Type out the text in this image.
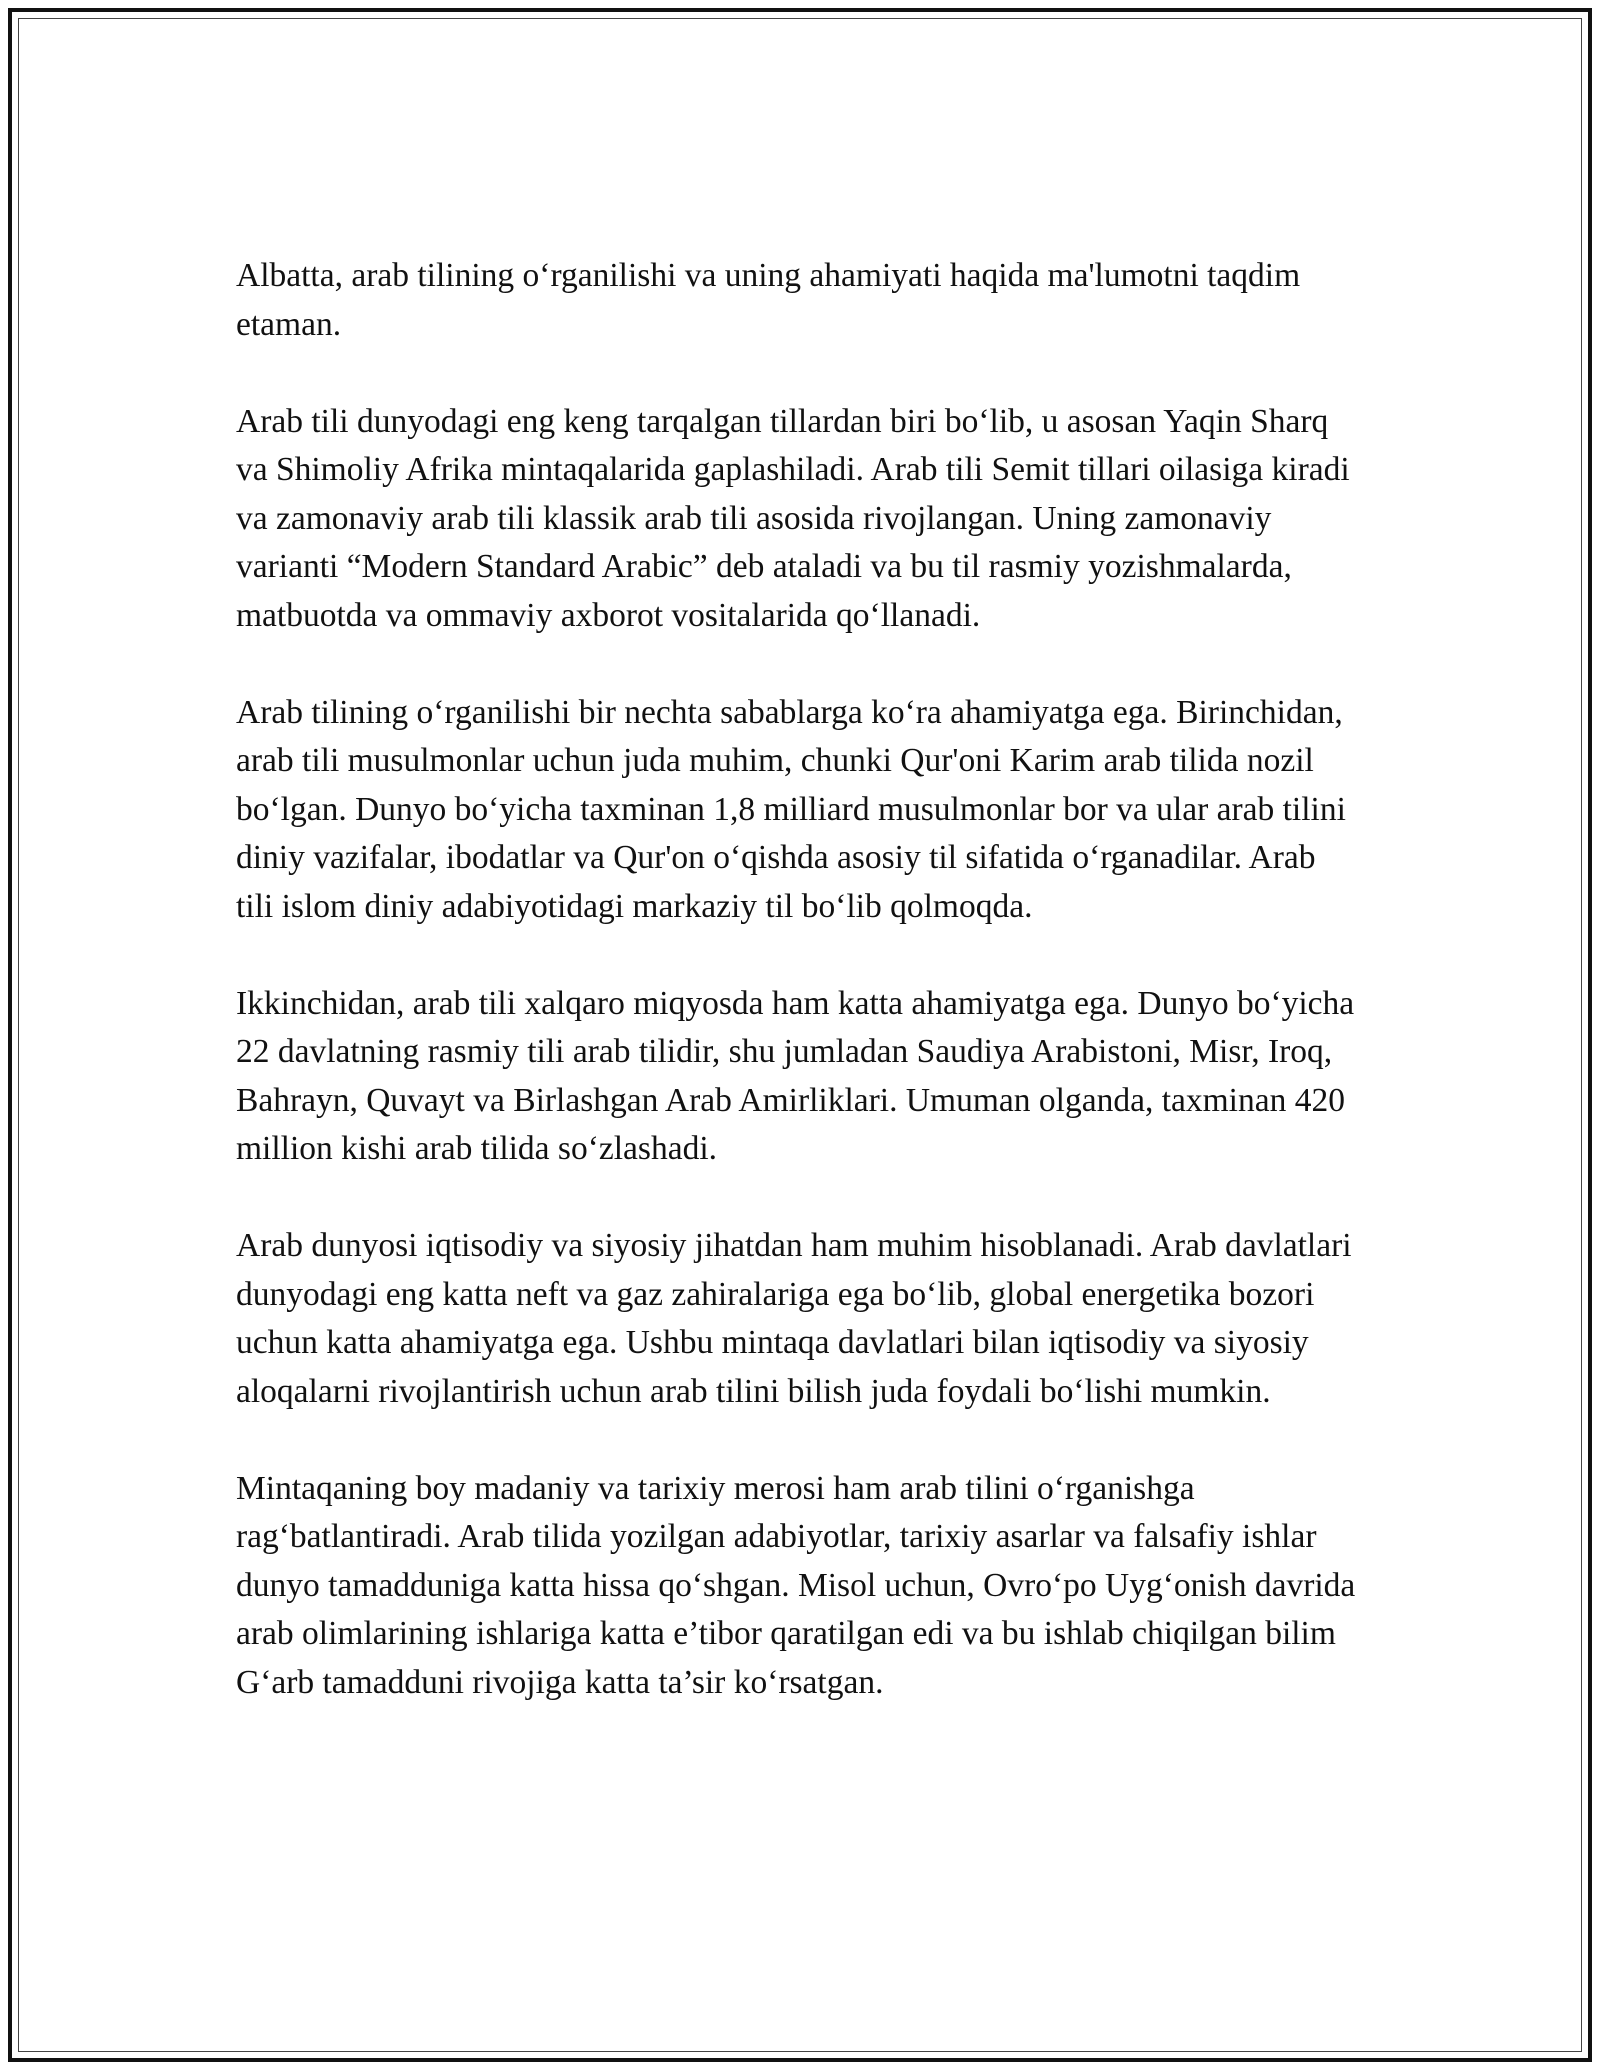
Albatta, arab tilining o‘rganilishi va uning ahamiyati haqida ma'lumotni taqdim etaman.

Arab tili dunyodagi eng keng tarqalgan tillardan biri bo‘lib, u asosan Yaqin Sharq va Shimoliy Afrika mintaqalarida gaplashiladi. Arab tili Semit tillari oilasiga kiradi va zamonaviy arab tili klassik arab tili asosida rivojlangan. Uning zamonaviy varianti “Modern Standard Arabic” deb ataladi va bu til rasmiy yozishmalarda, matbuotda va ommaviy axborot vositalarida qo‘llanadi.

Arab tilining o‘rganilishi bir nechta sabablarga ko‘ra ahamiyatga ega. Birinchidan, arab tili musulmonlar uchun juda muhim, chunki Qur'oni Karim arab tilida nozil bo‘lgan. Dunyo bo‘yicha taxminan 1,8 milliard musulmonlar bor va ular arab tilini diniy vazifalar, ibodatlar va Qur'on o‘qishda asosiy til sifatida o‘rganadilar. Arab tili islom diniy adabiyotidagi markaziy til bo‘lib qolmoqda.

Ikkinchidan, arab tili xalqaro miqyosda ham katta ahamiyatga ega. Dunyo bo‘yicha 22 davlatning rasmiy tili arab tilidir, shu jumladan Saudiya Arabistoni, Misr, Iroq, Bahrayn, Quvayt va Birlashgan Arab Amirliklari. Umuman olganda, taxminan 420 million kishi arab tilida so‘zlashadi.

Arab dunyosi iqtisodiy va siyosiy jihatdan ham muhim hisoblanadi. Arab davlatlari dunyodagi eng katta neft va gaz zahiralariga ega bo‘lib, global energetika bozori uchun katta ahamiyatga ega. Ushbu mintaqa davlatlari bilan iqtisodiy va siyosiy aloqalarni rivojlantirish uchun arab tilini bilish juda foydali bo‘lishi mumkin.

Mintaqaning boy madaniy va tarixiy merosi ham arab tilini o‘rganishga rag‘batlantiradi. Arab tilida yozilgan adabiyotlar, tarixiy asarlar va falsafiy ishlar dunyo tamadduniga katta hissa qo‘shgan. Misol uchun, Ovro‘po Uyg‘onish davrida arab olimlarining ishlariga katta e’tibor qaratilgan edi va bu ishlab chiqilgan bilim G‘arb tamadduni rivojiga katta ta’sir ko‘rsatgan.
